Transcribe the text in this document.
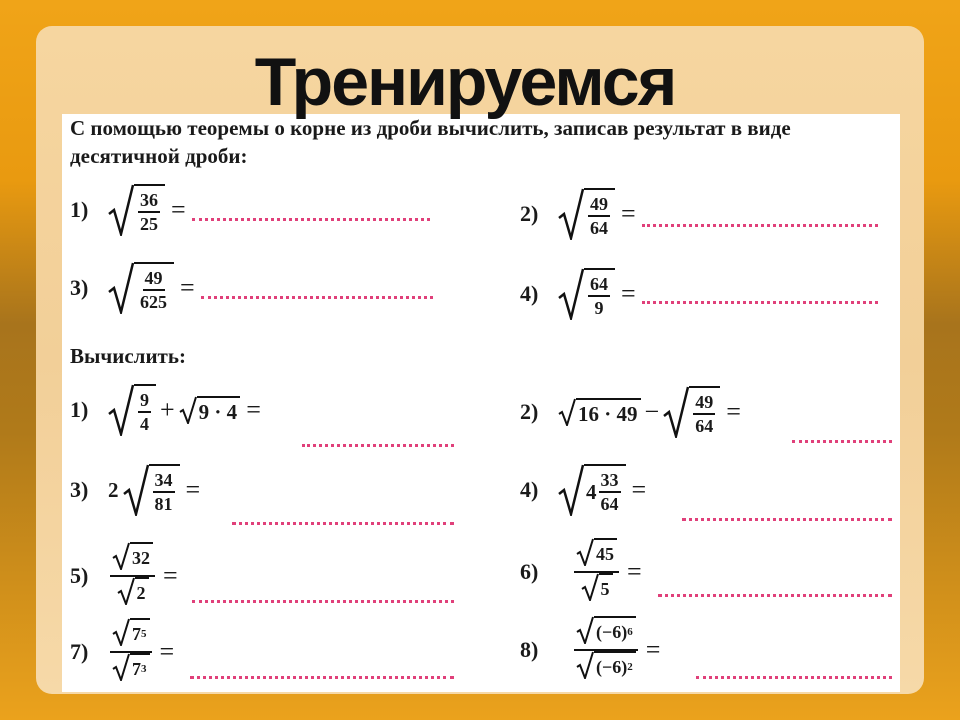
Тренируемся
С помощью теоремы о корне из дроби вычислить, записав результат в виде десятичной дроби:
1)	$\frac{36}{25}$ =	2)	$\frac{49}{64}$ =
3)	$\frac{49}{625}$ =	4)	$\frac{64}{9}$ =
Вычислить:
1)	$\frac{9}{4} + 9 \cdot 4$ =	2)	$16 \cdot 49 - \frac{49}{64}$ =
3) $2 \frac{34}{81}$ =	4)	$4 \frac{33}{64}$ =
5)	$\frac{32}{2}$ =	6)	$\frac{45}{5}$ =
7)	$\frac{7 5}{7 3}$ =	8)	$\frac{(-6) 6}{(-6) 2}$ =
